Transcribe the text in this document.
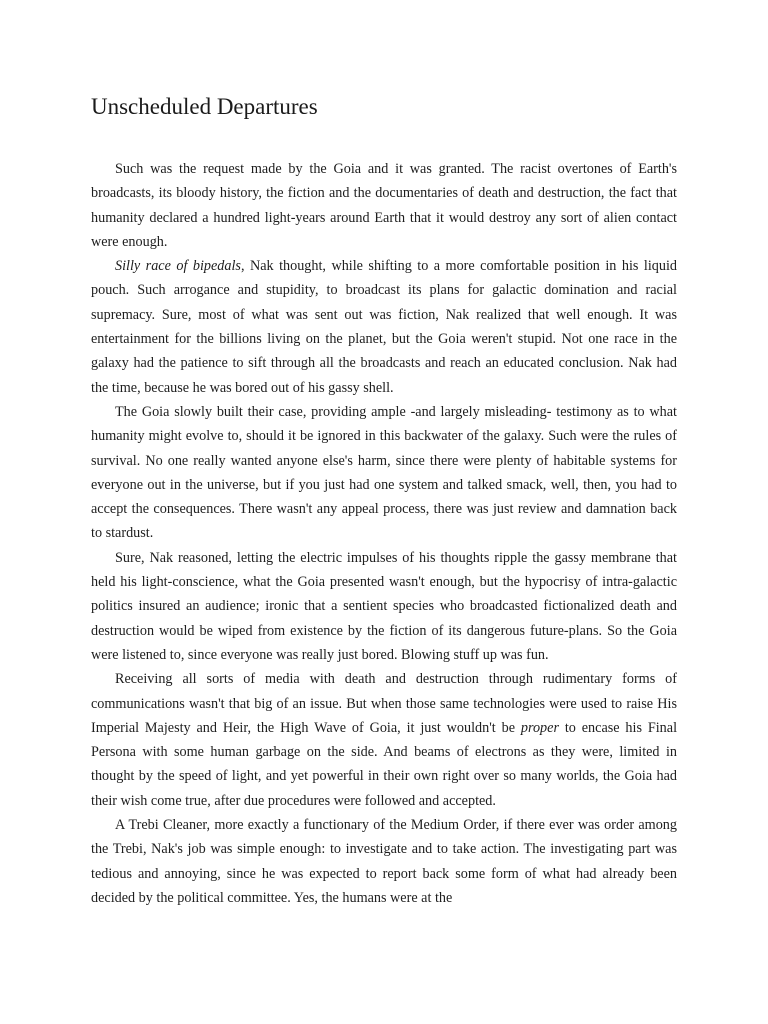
Unscheduled Departures

Such was the request made by the Goia and it was granted. The racist overtones of Earth's broadcasts, its bloody history, the fiction and the documentaries of death and destruction, the fact that humanity declared a hundred light-years around Earth that it would destroy any sort of alien contact were enough.

Silly race of bipedals, Nak thought, while shifting to a more comfortable position in his liquid pouch. Such arrogance and stupidity, to broadcast its plans for galactic domination and racial supremacy. Sure, most of what was sent out was fiction, Nak realized that well enough. It was entertainment for the billions living on the planet, but the Goia weren't stupid. Not one race in the galaxy had the patience to sift through all the broadcasts and reach an educated conclusion. Nak had the time, because he was bored out of his gassy shell.

The Goia slowly built their case, providing ample -and largely misleading- testimony as to what humanity might evolve to, should it be ignored in this backwater of the galaxy. Such were the rules of survival. No one really wanted anyone else's harm, since there were plenty of habitable systems for everyone out in the universe, but if you just had one system and talked smack, well, then, you had to accept the consequences. There wasn't any appeal process, there was just review and damnation back to stardust.

Sure, Nak reasoned, letting the electric impulses of his thoughts ripple the gassy membrane that held his light-conscience, what the Goia presented wasn't enough, but the hypocrisy of intra-galactic politics insured an audience; ironic that a sentient species who broadcasted fictionalized death and destruction would be wiped from existence by the fiction of its dangerous future-plans. So the Goia were listened to, since everyone was really just bored. Blowing stuff up was fun.

Receiving all sorts of media with death and destruction through rudimentary forms of communications wasn't that big of an issue. But when those same technologies were used to raise His Imperial Majesty and Heir, the High Wave of Goia, it just wouldn't be proper to encase his Final Persona with some human garbage on the side. And beams of electrons as they were, limited in thought by the speed of light, and yet powerful in their own right over so many worlds, the Goia had their wish come true, after due procedures were followed and accepted.

A Trebi Cleaner, more exactly a functionary of the Medium Order, if there ever was order among the Trebi, Nak's job was simple enough: to investigate and to take action. The investigating part was tedious and annoying, since he was expected to report back some form of what had already been decided by the political committee. Yes, the humans were at the
